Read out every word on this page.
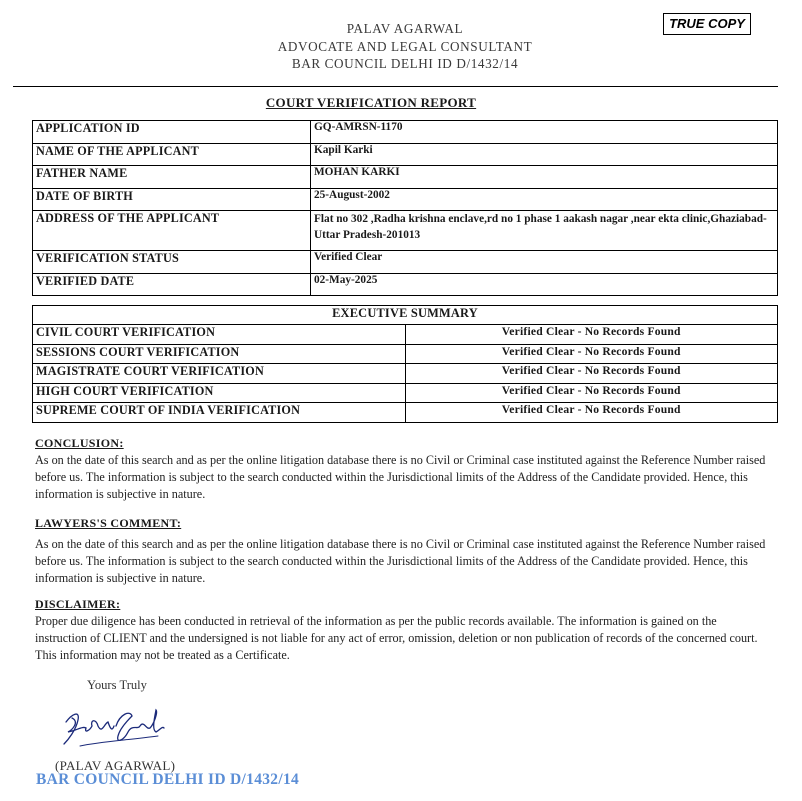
PALAV AGARWAL
ADVOCATE AND LEGAL CONSULTANT
BAR COUNCIL DELHI ID D/1432/14
TRUE COPY
COURT VERIFICATION REPORT
APPLICATION ID	GQ-AMRSN-1170
NAME OF THE APPLICANT	Kapil Karki
FATHER NAME	MOHAN KARKI
DATE OF BIRTH	25-August-2002
ADDRESS OF THE APPLICANT	Flat no 302 ,Radha krishna enclave,rd no 1 phase 1 aakash nagar ,near ekta clinic,Ghaziabad-Uttar Pradesh-201013
VERIFICATION STATUS	Verified Clear
VERIFIED DATE	02-May-2025
EXECUTIVE SUMMARY	
CIVIL COURT VERIFICATION	Verified Clear - No Records Found
SESSIONS COURT VERIFICATION	Verified Clear - No Records Found
MAGISTRATE COURT VERIFICATION	Verified Clear - No Records Found
HIGH COURT VERIFICATION	Verified Clear - No Records Found
SUPREME COURT OF INDIA VERIFICATION	Verified Clear - No Records Found
CONCLUSION:
As on the date of this search and as per the online litigation database there is no Civil or Criminal case instituted against the Reference Number raised before us. The information is subject to the search conducted within the Jurisdictional limits of the Address of the Candidate provided. Hence, this information is subjective in nature.
LAWYERS'S COMMENT:
As on the date of this search and as per the online litigation database there is no Civil or Criminal case instituted against the Reference Number raised before us. The information is subject to the search conducted within the Jurisdictional limits of the Address of the Candidate provided. Hence, this information is subjective in nature.
DISCLAIMER:
Proper due diligence has been conducted in retrieval of the information as per the public records available. The information is gained on the instruction of CLIENT and the undersigned is not liable for any act of error, omission, deletion or non publication of records of the concerned court. This information may not be treated as a Certificate.
Yours Truly
(PALAV AGARWAL)
BAR COUNCIL DELHI ID D/1432/14
